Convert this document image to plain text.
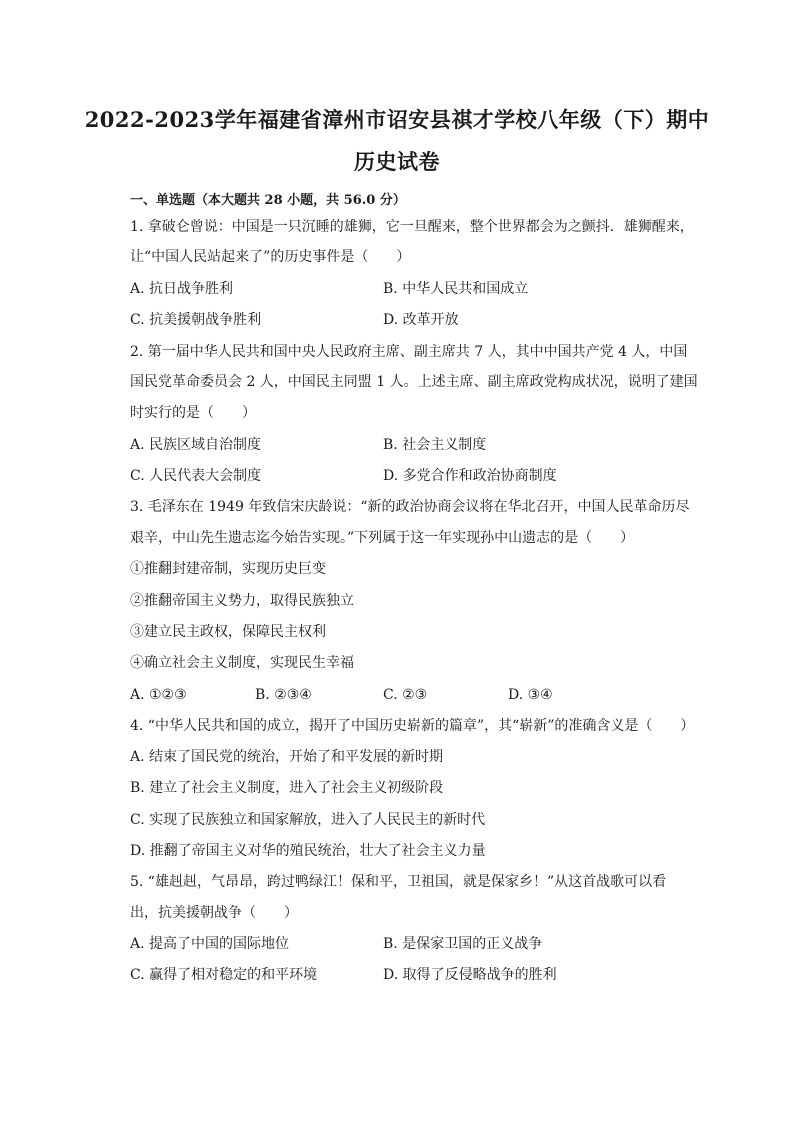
2022-2023学年福建省漳州市诏安县祺才学校八年级（下）期中
历史试卷
一、单选题（本大题共 28 小题，共 56.0 分）
1. 拿破仑曾说：中国是一只沉睡的雄狮，它一旦醒来，整个世界都会为之颤抖．雄狮醒来，
让“中国人民站起来了”的历史事件是（　　）
A. 抗日战争胜利	B. 中华人民共和国成立
C. 抗美援朝战争胜利	D. 改革开放
2. 第一届中华人民共和国中央人民政府主席、副主席共 7 人，其中中国共产党 4 人，中国
国民党革命委员会 2 人，中国民主同盟 1 人。上述主席、副主席政党构成状况，说明了建国
时实行的是（　　）
A. 民族区域自治制度	B. 社会主义制度
C. 人民代表大会制度	D. 多党合作和政治协商制度
3. 毛泽东在 1949 年致信宋庆龄说：“新的政治协商会议将在华北召开，中国人民革命历尽
艰辛，中山先生遗志迄今始告实现。”下列属于这一年实现孙中山遗志的是（　　）
①推翻封建帝制，实现历史巨变
②推翻帝国主义势力，取得民族独立
③建立民主政权，保障民主权利
④确立社会主义制度，实现民生幸福
A. ①②③	B. ②③④	C. ②③	D. ③④
4. “中华人民共和国的成立，揭开了中国历史崭新的篇章”，其“崭新”的准确含义是（　　）
A. 结束了国民党的统治，开始了和平发展的新时期
B. 建立了社会主义制度，进入了社会主义初级阶段
C. 实现了民族独立和国家解放，进入了人民民主的新时代
D. 推翻了帝国主义对华的殖民统治，壮大了社会主义力量
5. “雄赳赳，气昂昂，跨过鸭绿江！保和平，卫祖国，就是保家乡！”从这首战歌可以看
出，抗美援朝战争（　　）
A. 提高了中国的国际地位	B. 是保家卫国的正义战争
C. 赢得了相对稳定的和平环境	D. 取得了反侵略战争的胜利
